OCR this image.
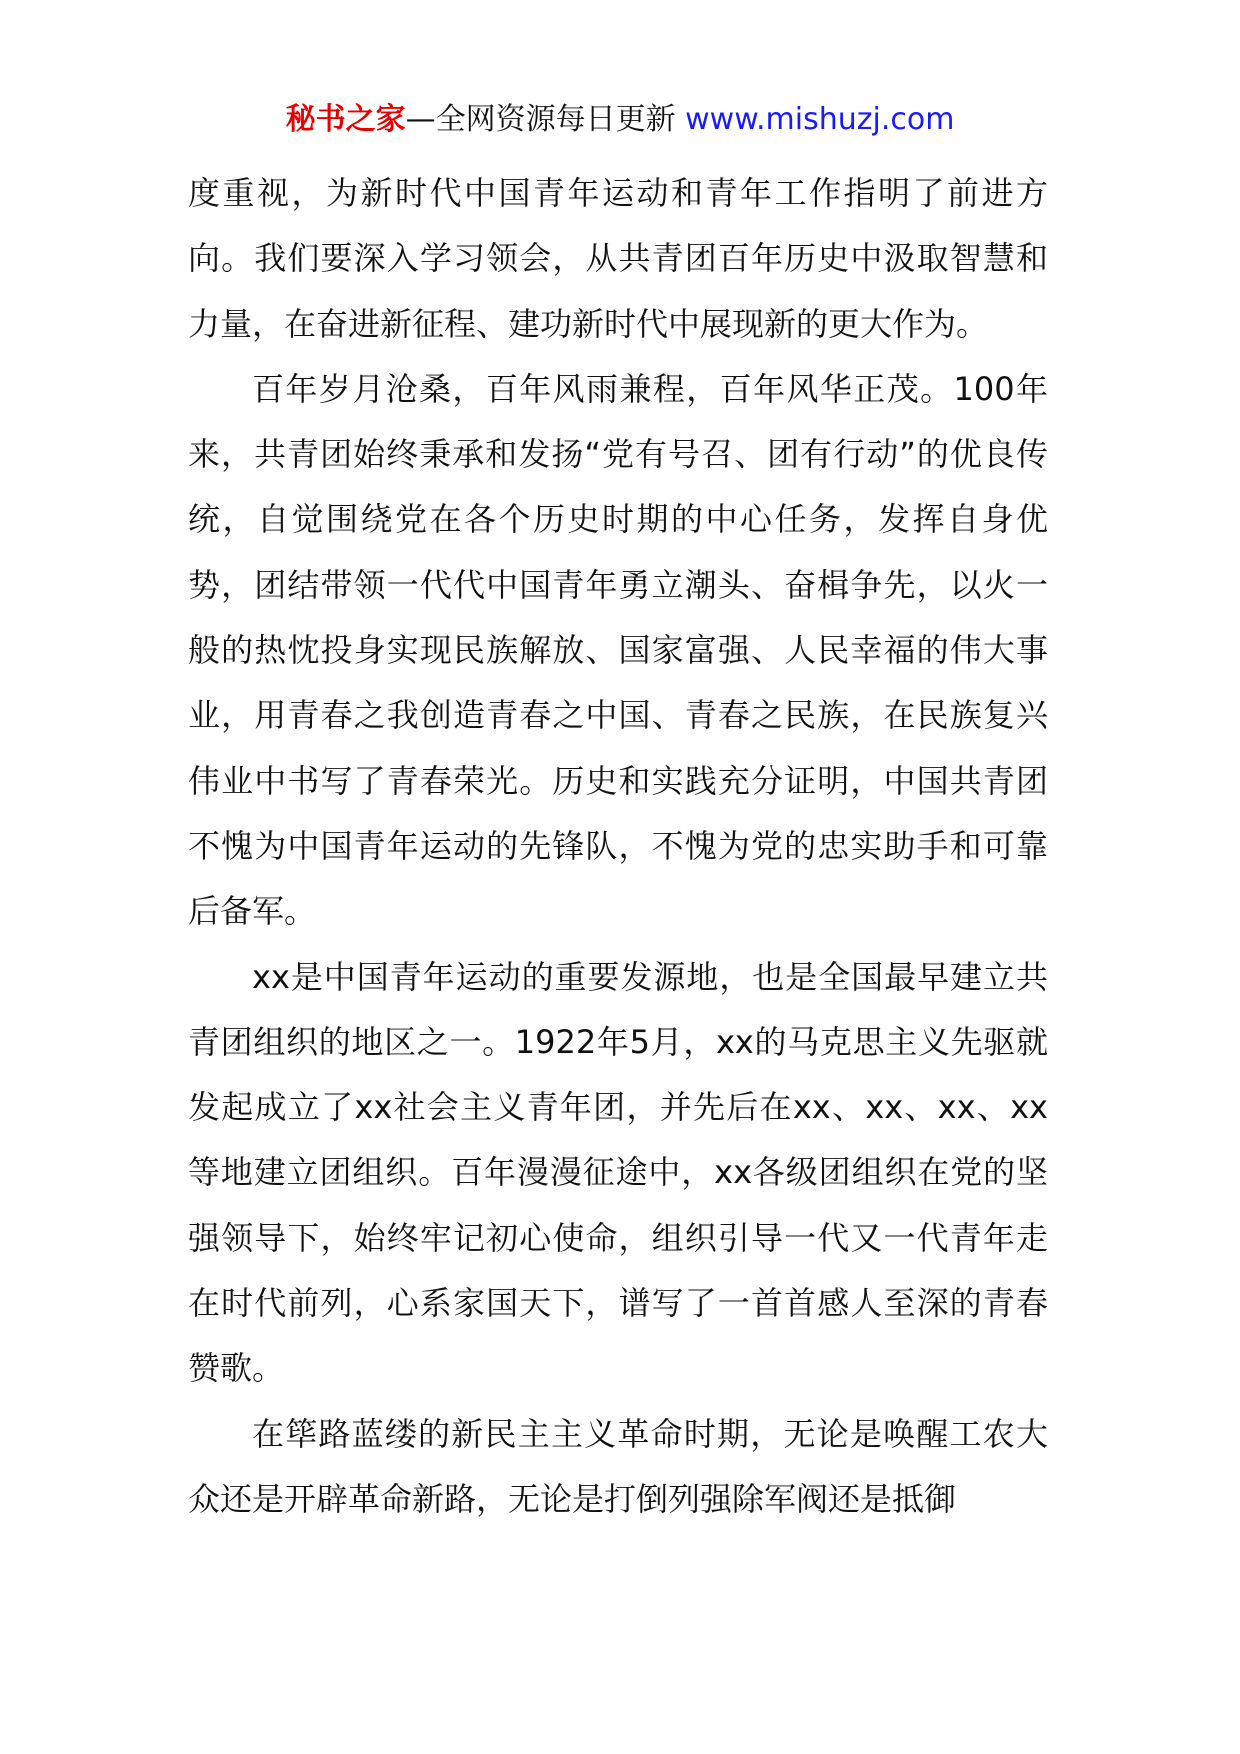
秘书之家—全网资源每日更新 www.mishuzj.com

度重视，为新时代中国青年运动和青年工作指明了前进方向。我们要深入学习领会，从共青团百年历史中汲取智慧和力量，在奋进新征程、建功新时代中展现新的更大作为。

百年岁月沧桑，百年风雨兼程，百年风华正茂。100年来，共青团始终秉承和发扬“党有号召、团有行动”的优良传统，自觉围绕党在各个历史时期的中心任务，发挥自身优势，团结带领一代代中国青年勇立潮头、奋楫争先，以火一般的热忱投身实现民族解放、国家富强、人民幸福的伟大事业，用青春之我创造青春之中国、青春之民族，在民族复兴伟业中书写了青春荣光。历史和实践充分证明，中国共青团不愧为中国青年运动的先锋队，不愧为党的忠实助手和可靠后备军。

xx是中国青年运动的重要发源地，也是全国最早建立共青团组织的地区之一。1922年5月，xx的马克思主义先驱就发起成立了xx社会主义青年团，并先后在xx、xx、xx、xx等地建立团组织。百年漫漫征途中，xx各级团组织在党的坚强领导下，始终牢记初心使命，组织引导一代又一代青年走在时代前列，心系家国天下，谱写了一首首感人至深的青春赞歌。

在筚路蓝缕的新民主主义革命时期，无论是唤醒工农大众还是开辟革命新路，无论是打倒列强除军阀还是抵御
